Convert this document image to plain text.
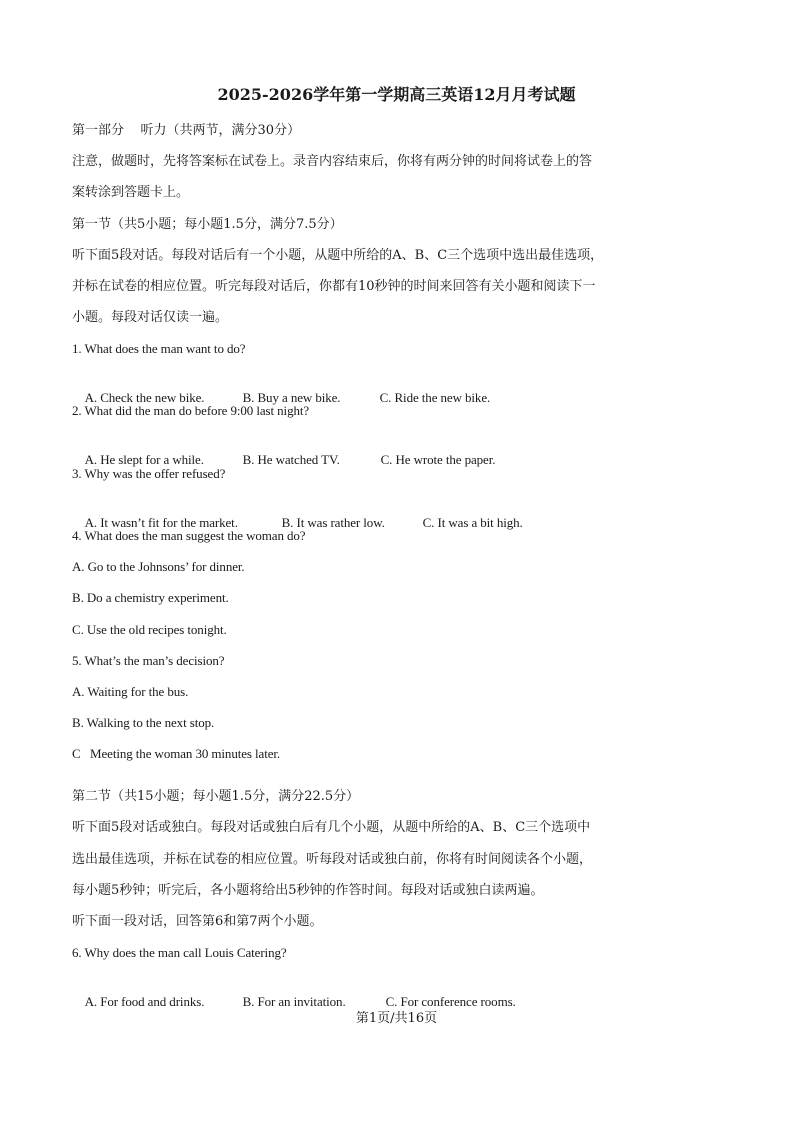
2025-2026学年第一学期高三英语12月月考试题
第一部分    听力（共两节，满分30分）
注意，做题时，先将答案标在试卷上。录音内容结束后，你将有两分钟的时间将试卷上的答
案转涂到答题卡上。
第一节（共5小题；每小题1.5分，满分7.5分）
听下面5段对话。每段对话后有一个小题，从题中所给的A、B、C三个选项中选出最佳选项，
并标在试卷的相应位置。听完每段对话后，你都有10秒钟的时间来回答有关小题和阅读下一
小题。每段对话仅读一遍。
1. What does the man want to do?

A. Check the new bike.	B. Buy a new bike.	C. Ride the new bike.

2. What did the man do before 9:00 last night?

A. He slept for a while.	B. He watched TV.	C. He wrote the paper.

3. Why was the offer refused?

A. It wasn’t fit for the market.	B. It was rather low.	C. It was a bit high.

4. What does the man suggest the woman do?
A. Go to the Johnsons’ for dinner.
B. Do a chemistry experiment.
C. Use the old recipes tonight.
5. What’s the man’s decision?
A. Waiting for the bus.
B. Walking to the next stop.
C   Meeting the woman 30 minutes later.
第二节（共15小题；每小题1.5分，满分22.5分）
听下面5段对话或独白。每段对话或独白后有几个小题，从题中所给的A、B、C三个选项中
选出最佳选项，并标在试卷的相应位置。听每段对话或独白前，你将有时间阅读各个小题，
每小题5秒钟；听完后，各小题将给出5秒钟的作答时间。每段对话或独白读两遍。
听下面一段对话，回答第6和第7两个小题。
6. Why does the man call Louis Catering?

A. For food and drinks.	B. For an invitation.	C. For conference rooms.

第1页/共16页
